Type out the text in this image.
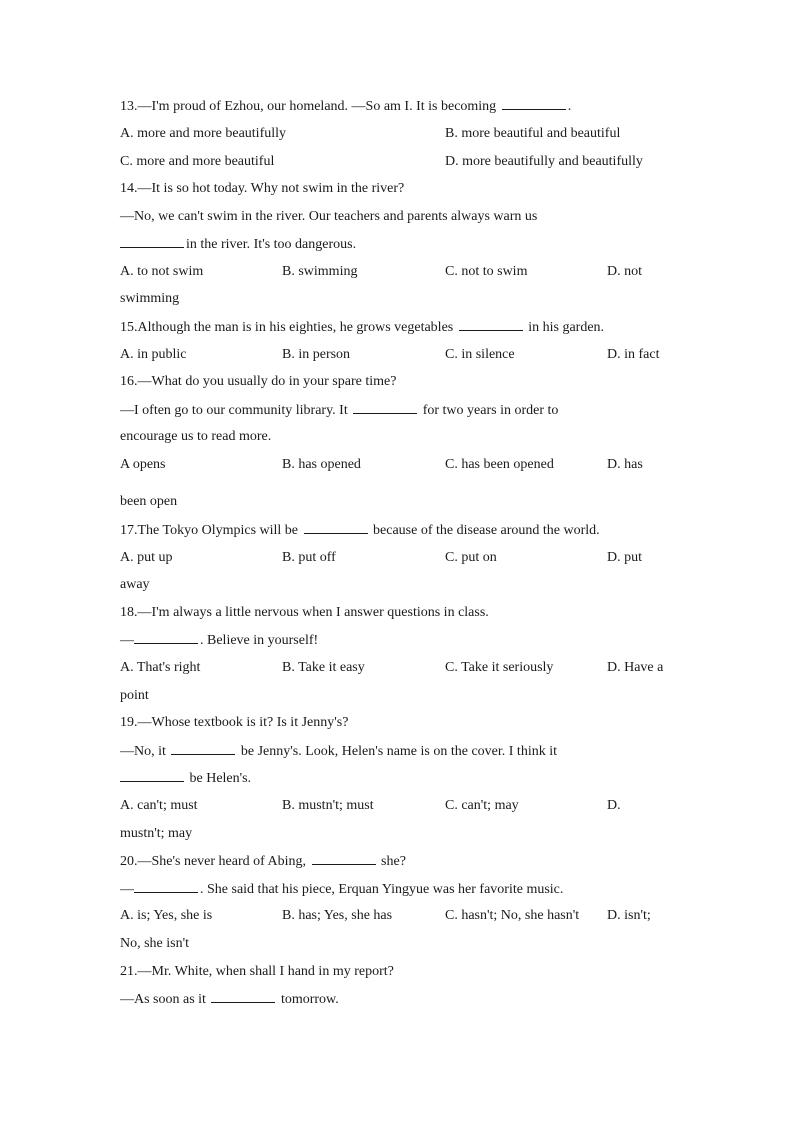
13.—I'm proud of Ezhou, our homeland. —So am I. It is becoming	.
A. more and more beautifully	B. more beautiful and beautiful
C. more and more beautiful	D. more beautifully and beautifully
14.—It is so hot today. Why not swim in the river?
—No, we can't swim in the river. Our teachers and parents always warn us
in the river. It's too dangerous.
A. to not swim	B. swimming	C. not to swim	D. not
swimming
15.Although the man is in his eighties, he grows vegetables	in his garden.
A. in public	B. in person	C. in silence	D. in fact
16.—What do you usually do in your spare time?
—I often go to our community library. It	for two years in order to
encourage us to read more.
A opens	B. has opened	C. has been opened	D. has
been open
17.The Tokyo Olympics will be	because of the disease around the world.
A. put up	B. put off	C. put on	D. put
away
18.—I'm always a little nervous when I answer questions in class.
—	. Believe in yourself!
A. That's right	B. Take it easy	C. Take it seriously	D. Have a
point
19.—Whose textbook is it? Is it Jenny's?
—No, it	be Jenny's. Look, Helen's name is on the cover. I think it
be Helen's.
A. can't; must	B. mustn't; must	C. can't; may	D.
mustn't; may
20.—She's never heard of Abing,	she?
—	. She said that his piece, Erquan Yingyue was her favorite music.
A. is; Yes, she is	B. has; Yes, she has	C. hasn't; No, she hasn't D. isn't;
No, she isn't
21.—Mr. White, when shall I hand in my report?
—As soon as it	tomorrow.
